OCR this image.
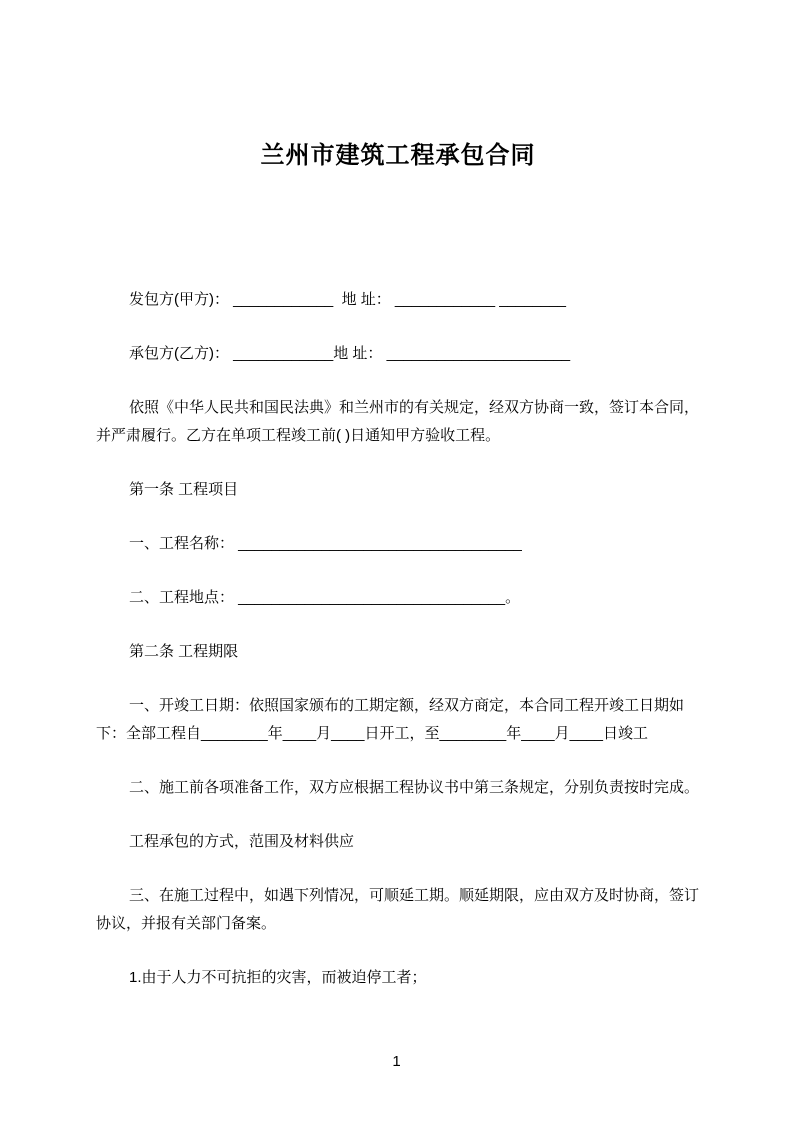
兰州市建筑工程承包合同

发包方(甲方)： ____________  地 址： ____________ ________

承包方(乙方)： ____________地 址： ______________________

依照《中华人民共和国民法典》和兰州市的有关规定，经双方协商一致，签订本合同，并严肃履行。乙方在单项工程竣工前( )日通知甲方验收工程。

第一条 工程项目

一、工程名称： __________________________________

二、工程地点： ________________________________。

第二条 工程期限

一、开竣工日期：依照国家颁布的工期定额，经双方商定，本合同工程开竣工日期如下：全部工程自________年____月____日开工，至________年____月____日竣工

二、施工前各项准备工作，双方应根据工程协议书中第三条规定，分别负责按时完成。

工程承包的方式，范围及材料供应

三、在施工过程中，如遇下列情况，可顺延工期。顺延期限，应由双方及时协商，签订协议，并报有关部门备案。

1.由于人力不可抗拒的灾害，而被迫停工者；

1
